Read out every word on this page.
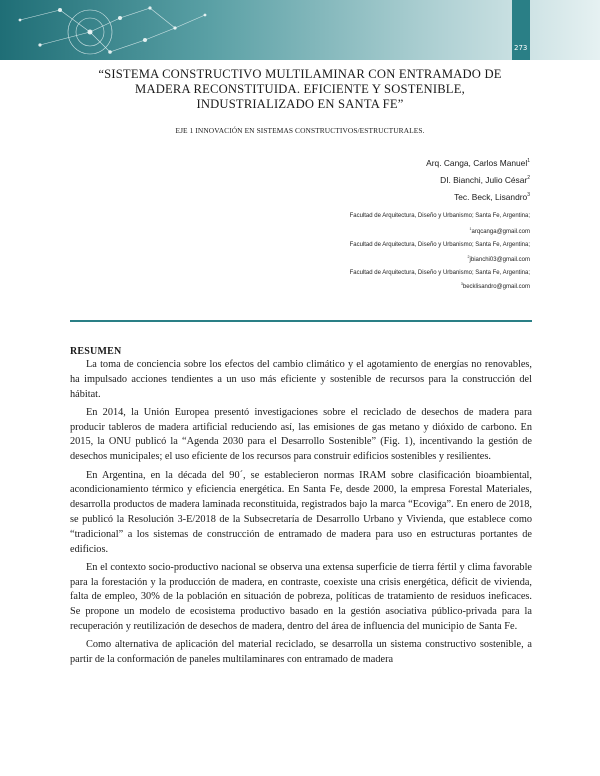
273
“SISTEMA CONSTRUCTIVO MULTILAMINAR CON ENTRAMADO DE
MADERA RECONSTITUIDA. EFICIENTE Y SOSTENIBLE,
INDUSTRIALIZADO EN SANTA FE”
EJE 1 INNOVACIÓN EN SISTEMAS CONSTRUCTIVOS/ESTRUCTURALES.
Arq. Canga, Carlos Manuel$^1$
DI. Bianchi, Julio César$^2$
Tec. Beck, Lisandro$^3$
Facultad de Arquitectura, Diseño y Urbanismo; Santa Fe, Argentina;
$^1$arqcanga@gmail.com
Facultad de Arquitectura, Diseño y Urbanismo; Santa Fe, Argentina;
$^2$jbianchi03@gmail.com
Facultad de Arquitectura, Diseño y Urbanismo; Santa Fe, Argentina;
$^3$becklisandro@gmail.com
RESUMEN

La toma de conciencia sobre los efectos del cambio climático y el agotamiento de energías no renovables, ha impulsado acciones tendientes a un uso más eficiente y sostenible de recursos para la construcción del hábitat.

En 2014, la Unión Europea presentó investigaciones sobre el reciclado de desechos de madera para producir tableros de madera artificial reduciendo así, las emisiones de gas metano y dióxido de carbono. En 2015, la ONU publicó la “Agenda 2030 para el Desarrollo Sostenible” (Fig. 1), incentivando la gestión de desechos municipales; el uso eficiente de los recursos para construir edificios sostenibles y resilientes.

En Argentina, en la década del 90´, se establecieron normas IRAM sobre clasificación bioambiental, acondicionamiento térmico y eficiencia energética. En Santa Fe, desde 2000, la empresa Forestal Materiales, desarrolla productos de madera laminada reconstituida, registrados bajo la marca “Ecoviga”. En enero de 2018, se publicó la Resolución 3-E/2018 de la Subsecretaría de Desarrollo Urbano y Vivienda, que establece como “tradicional” a los sistemas de construcción de entramado de madera para uso en estructuras portantes de edificios.

En el contexto socio-productivo nacional se observa una extensa superficie de tierra fértil y clima favorable para la forestación y la producción de madera, en contraste, coexiste una crisis energética, déficit de vivienda, falta de empleo, 30% de la población en situación de pobreza, políticas de tratamiento de residuos ineficaces. Se propone un modelo de ecosistema productivo basado en la gestión asociativa público-privada para la recuperación y reutilización de desechos de madera, dentro del área de influencia del municipio de Santa Fe.

Como alternativa de aplicación del material reciclado, se desarrolla un sistema constructivo sostenible, a partir de la conformación de paneles multilaminares con entramado de madera
